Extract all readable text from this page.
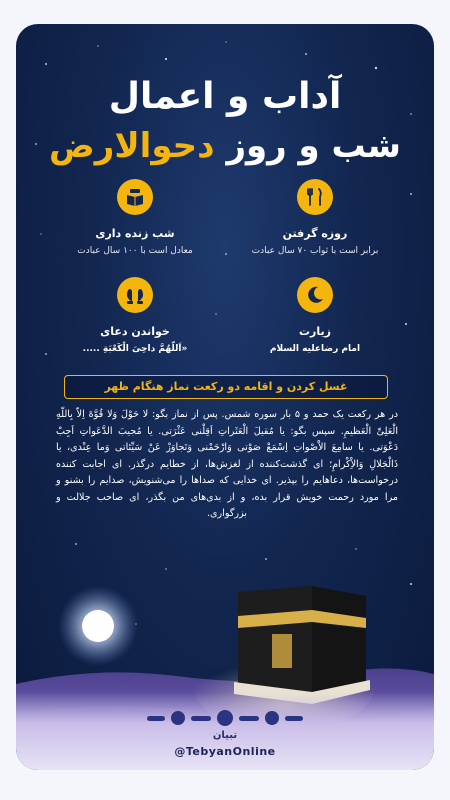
آداب و اعمال
شب و روز دحوالارض
روزه گرفتن
برابر است با ثواب ۷۰ سال عبادت
شب زنده داری
معادل است با ۱۰۰ سال عبادت
زیارت
امام رضاعلیه السلام
خواندن دعای
«اَللّهُمَّ داحِیَ الْکَعْبَةِ .....
غسل کردن و اقامه دو رکعت نماز هنگام ظهر
در هر رکعت یک حمد و ۵ بار سوره شمس. پس از نماز بگو: لا حَوْلَ وَلا قُوَّةَ اِلاّ بِاللّهِ الْعَلِیِّ الْعَظیمِ. سپس بگو: یا مُقیلَ الْعَثَراتِ اَقِلْنی عَثْرَتی. یا مُجیبَ الدَّعَواتِ اَجِبْ دَعْوَتی. یا سامِعَ الاَْصْواتِ اِسْمَعْ صَوْتی وَارْحَمْنی وَتَجاوَزْ عَنْ سَیِّئاتی وَما عِنْدی، یا ذَالْجَلالِ وَالاِْکْرامِ؛ ای گذشت‌کننده از لغزش‌ها، از خطایم درگذر. ای اجابت کننده درخواست‌ها، دعاهایم را بپذیر. ای خدایی که صداها را می‌شنویش، صدایم را بشنو و مرا مورد رحمت خویش قرار بده، و از بدی‌های من بگذر، ای صاحب جلالت و بزرگواری.
تبیان
@TebyanOnline
